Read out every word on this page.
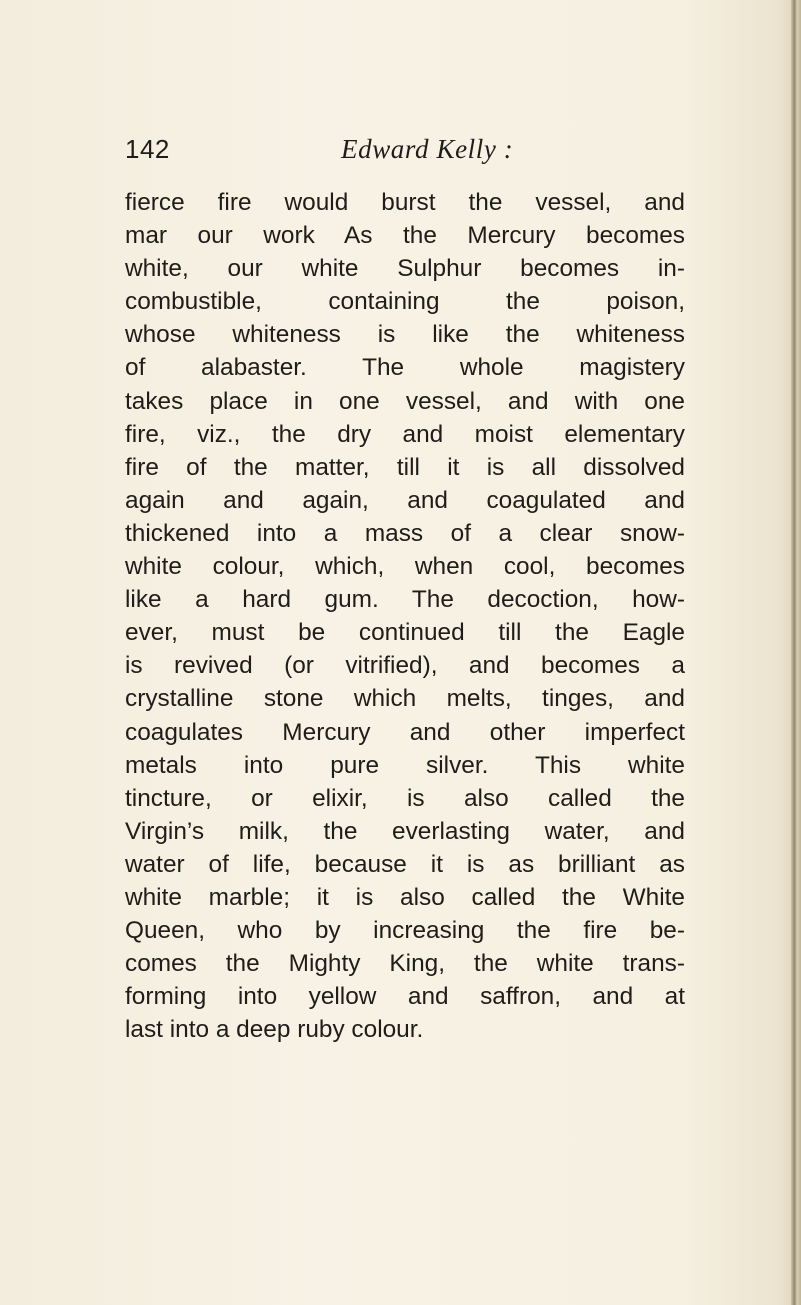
142	Edward Kelly :
fierce fire would burst the vessel, and
mar our work As the Mercury becomes
white, our white Sulphur becomes in-
combustible, containing the poison,
whose whiteness is like the whiteness
of alabaster. The whole magistery
takes place in one vessel, and with one
fire, viz., the dry and moist elementary
fire of the matter, till it is all dissolved
again and again, and coagulated and
thickened into a mass of a clear snow-
white colour, which, when cool, becomes
like a hard gum. The decoction, how-
ever, must be continued till the Eagle
is revived (or vitrified), and becomes a
crystalline stone which melts, tinges, and
coagulates Mercury and other imperfect
metals into pure silver. This white
tincture, or elixir, is also called the
Virgin’s milk, the everlasting water, and
water of life, because it is as brilliant as
white marble; it is also called the White
Queen, who by increasing the fire be-
comes the Mighty King, the white trans-
forming into yellow and saffron, and at
last into a deep ruby colour.
